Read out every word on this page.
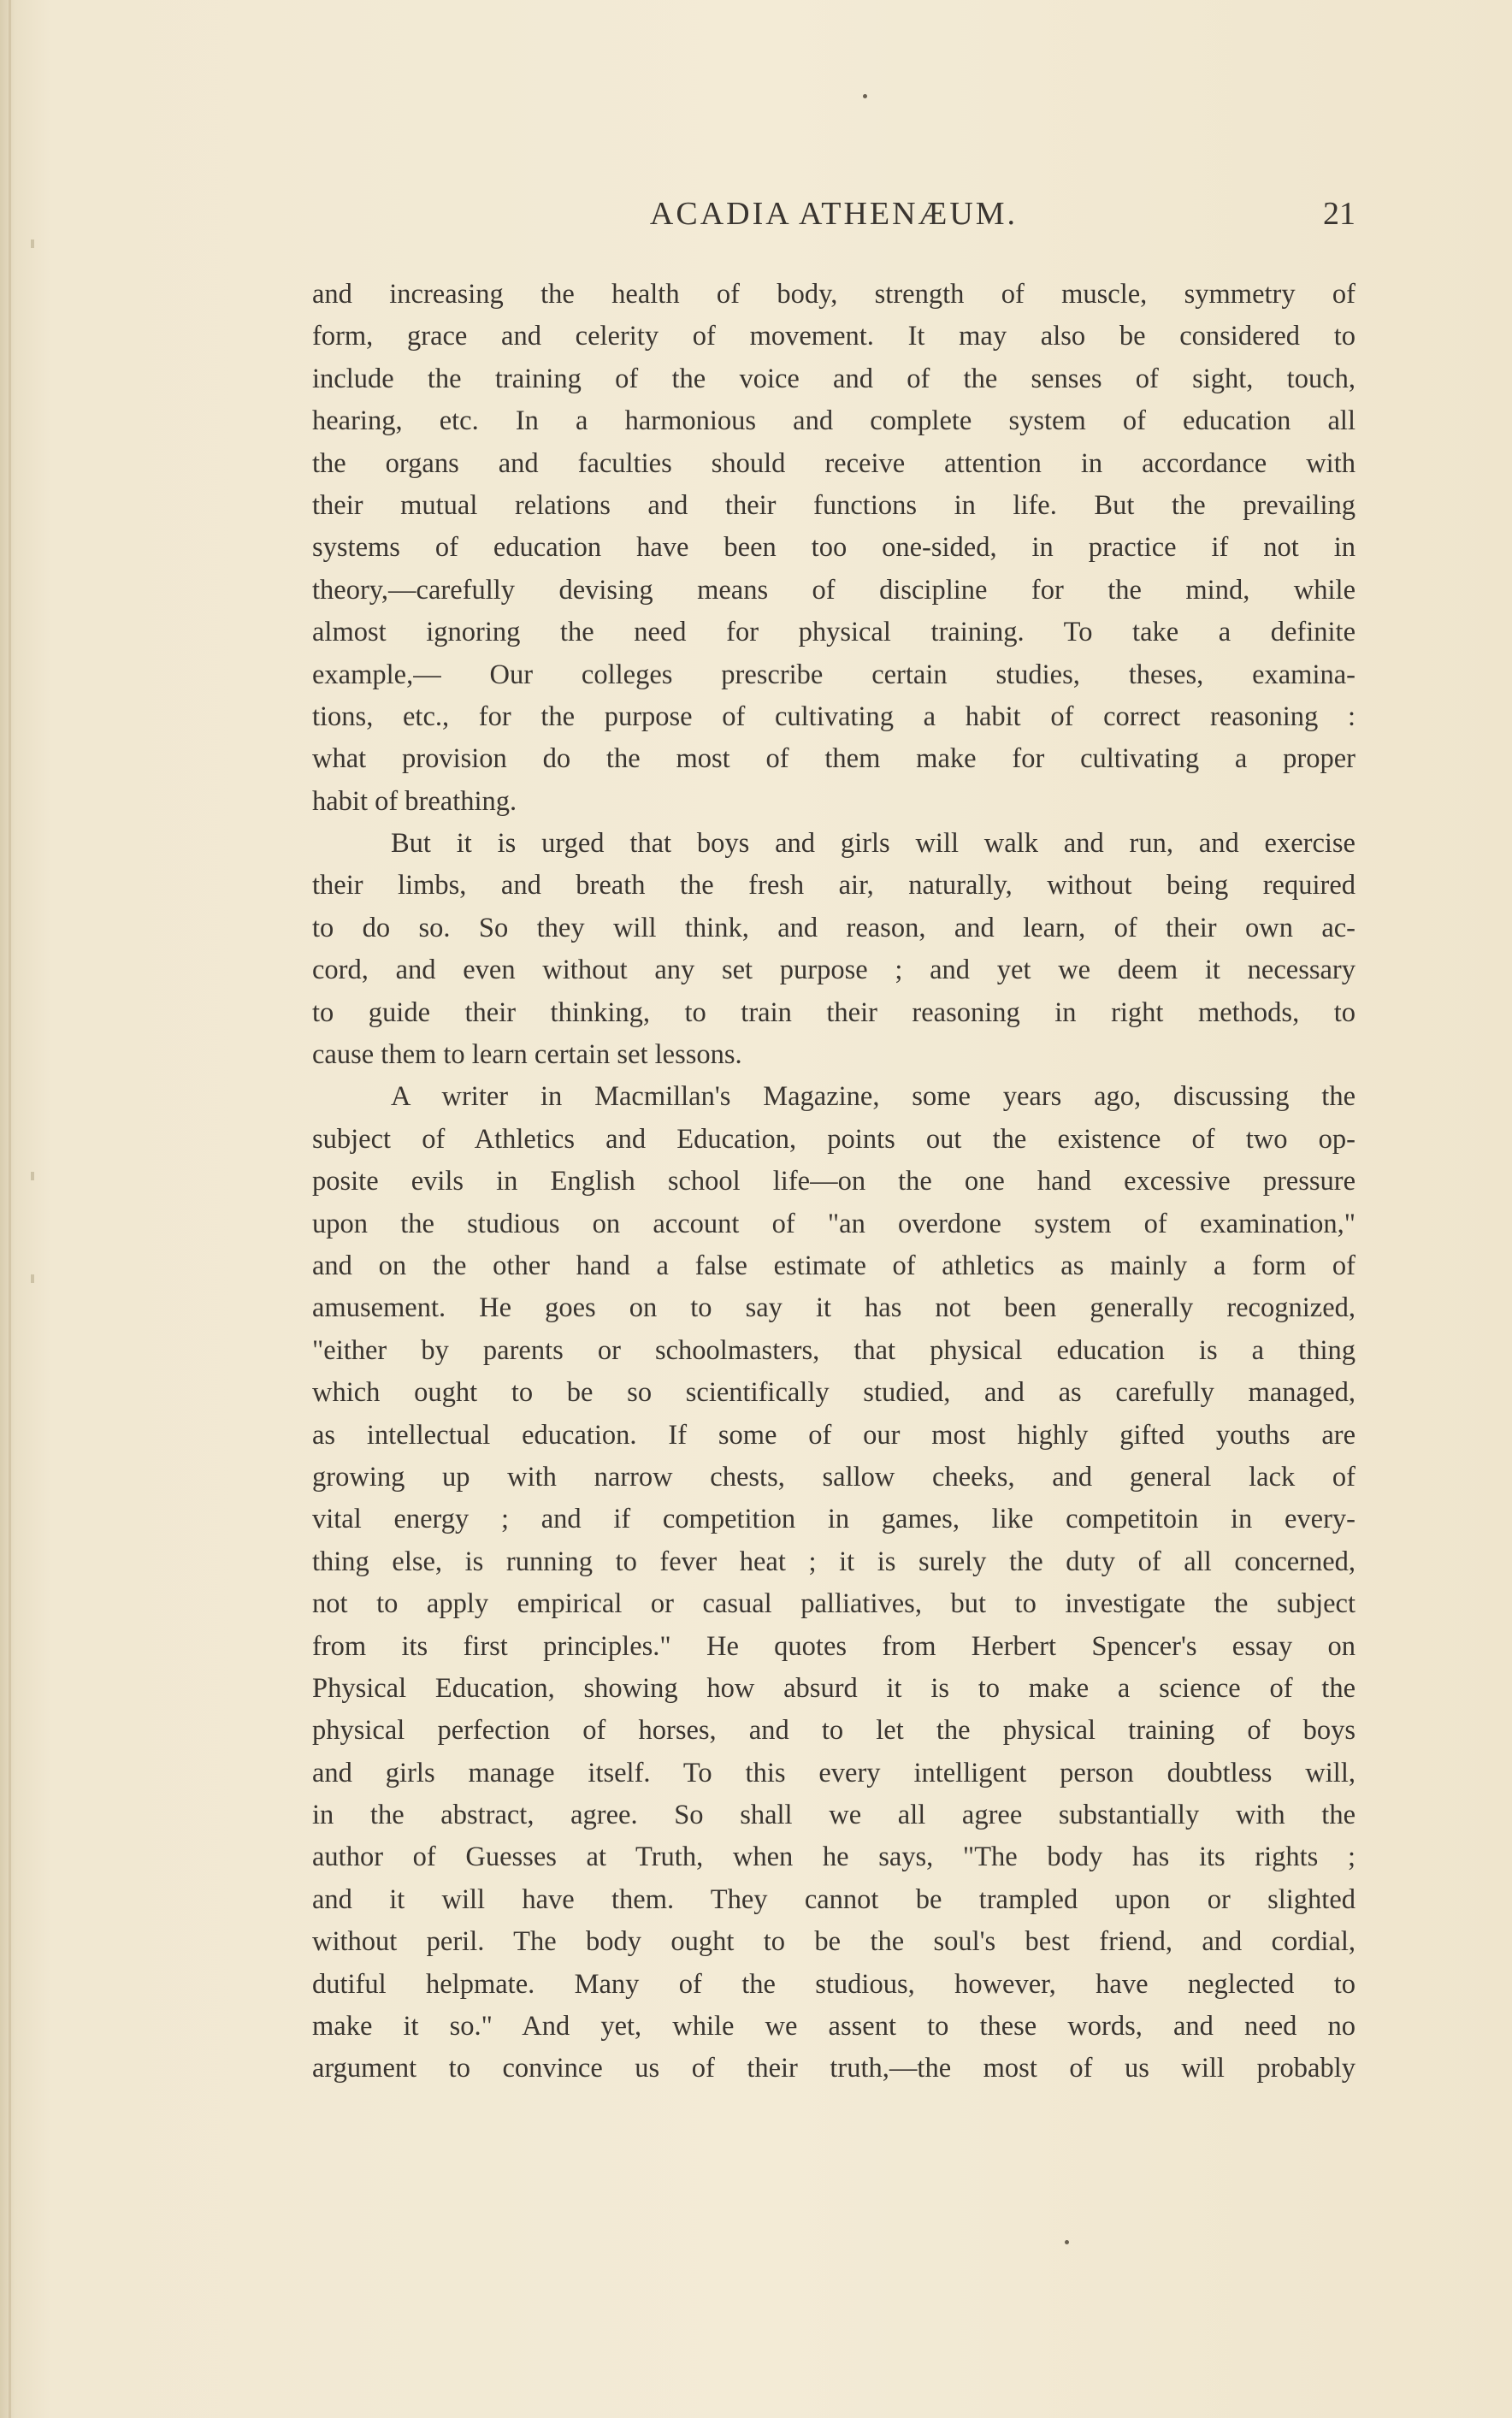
ACADIA ATHENÆUM.	21
and increasing the health of body, strength of muscle, symmetry of
form, grace and celerity of movement. It may also be considered to
include the training of the voice and of the senses of sight, touch,
hearing, etc. In a harmonious and complete system of education all
the organs and faculties should receive attention in accordance with
their mutual relations and their functions in life. But the prevailing
systems of education have been too one-sided, in practice if not in
theory,—carefully devising means of discipline for the mind, while
almost ignoring the need for physical training. To take a definite
example,— Our colleges prescribe certain studies, theses, examina-
tions, etc., for the purpose of cultivating a habit of correct reasoning :
what provision do the most of them make for cultivating a proper
habit of breathing.
But it is urged that boys and girls will walk and run, and exercise
their limbs, and breath the fresh air, naturally, without being required
to do so. So they will think, and reason, and learn, of their own ac-
cord, and even without any set purpose ; and yet we deem it necessary
to guide their thinking, to train their reasoning in right methods, to
cause them to learn certain set lessons.
A writer in Macmillan's Magazine, some years ago, discussing the
subject of Athletics and Education, points out the existence of two op-
posite evils in English school life—on the one hand excessive pressure
upon the studious on account of "an overdone system of examination,"
and on the other hand a false estimate of athletics as mainly a form of
amusement. He goes on to say it has not been generally recognized,
"either by parents or schoolmasters, that physical education is a thing
which ought to be so scientifically studied, and as carefully managed,
as intellectual education. If some of our most highly gifted youths are
growing up with narrow chests, sallow cheeks, and general lack of
vital energy ; and if competition in games, like competitoin in every-
thing else, is running to fever heat ; it is surely the duty of all concerned,
not to apply empirical or casual palliatives, but to investigate the subject
from its first principles." He quotes from Herbert Spencer's essay on
Physical Education, showing how absurd it is to make a science of the
physical perfection of horses, and to let the physical training of boys
and girls manage itself. To this every intelligent person doubtless will,
in the abstract, agree. So shall we all agree substantially with the
author of Guesses at Truth, when he says, "The body has its rights ;
and it will have them. They cannot be trampled upon or slighted
without peril. The body ought to be the soul's best friend, and cordial,
dutiful helpmate. Many of the studious, however, have neglected to
make it so." And yet, while we assent to these words, and need no
argument to convince us of their truth,—the most of us will probably
